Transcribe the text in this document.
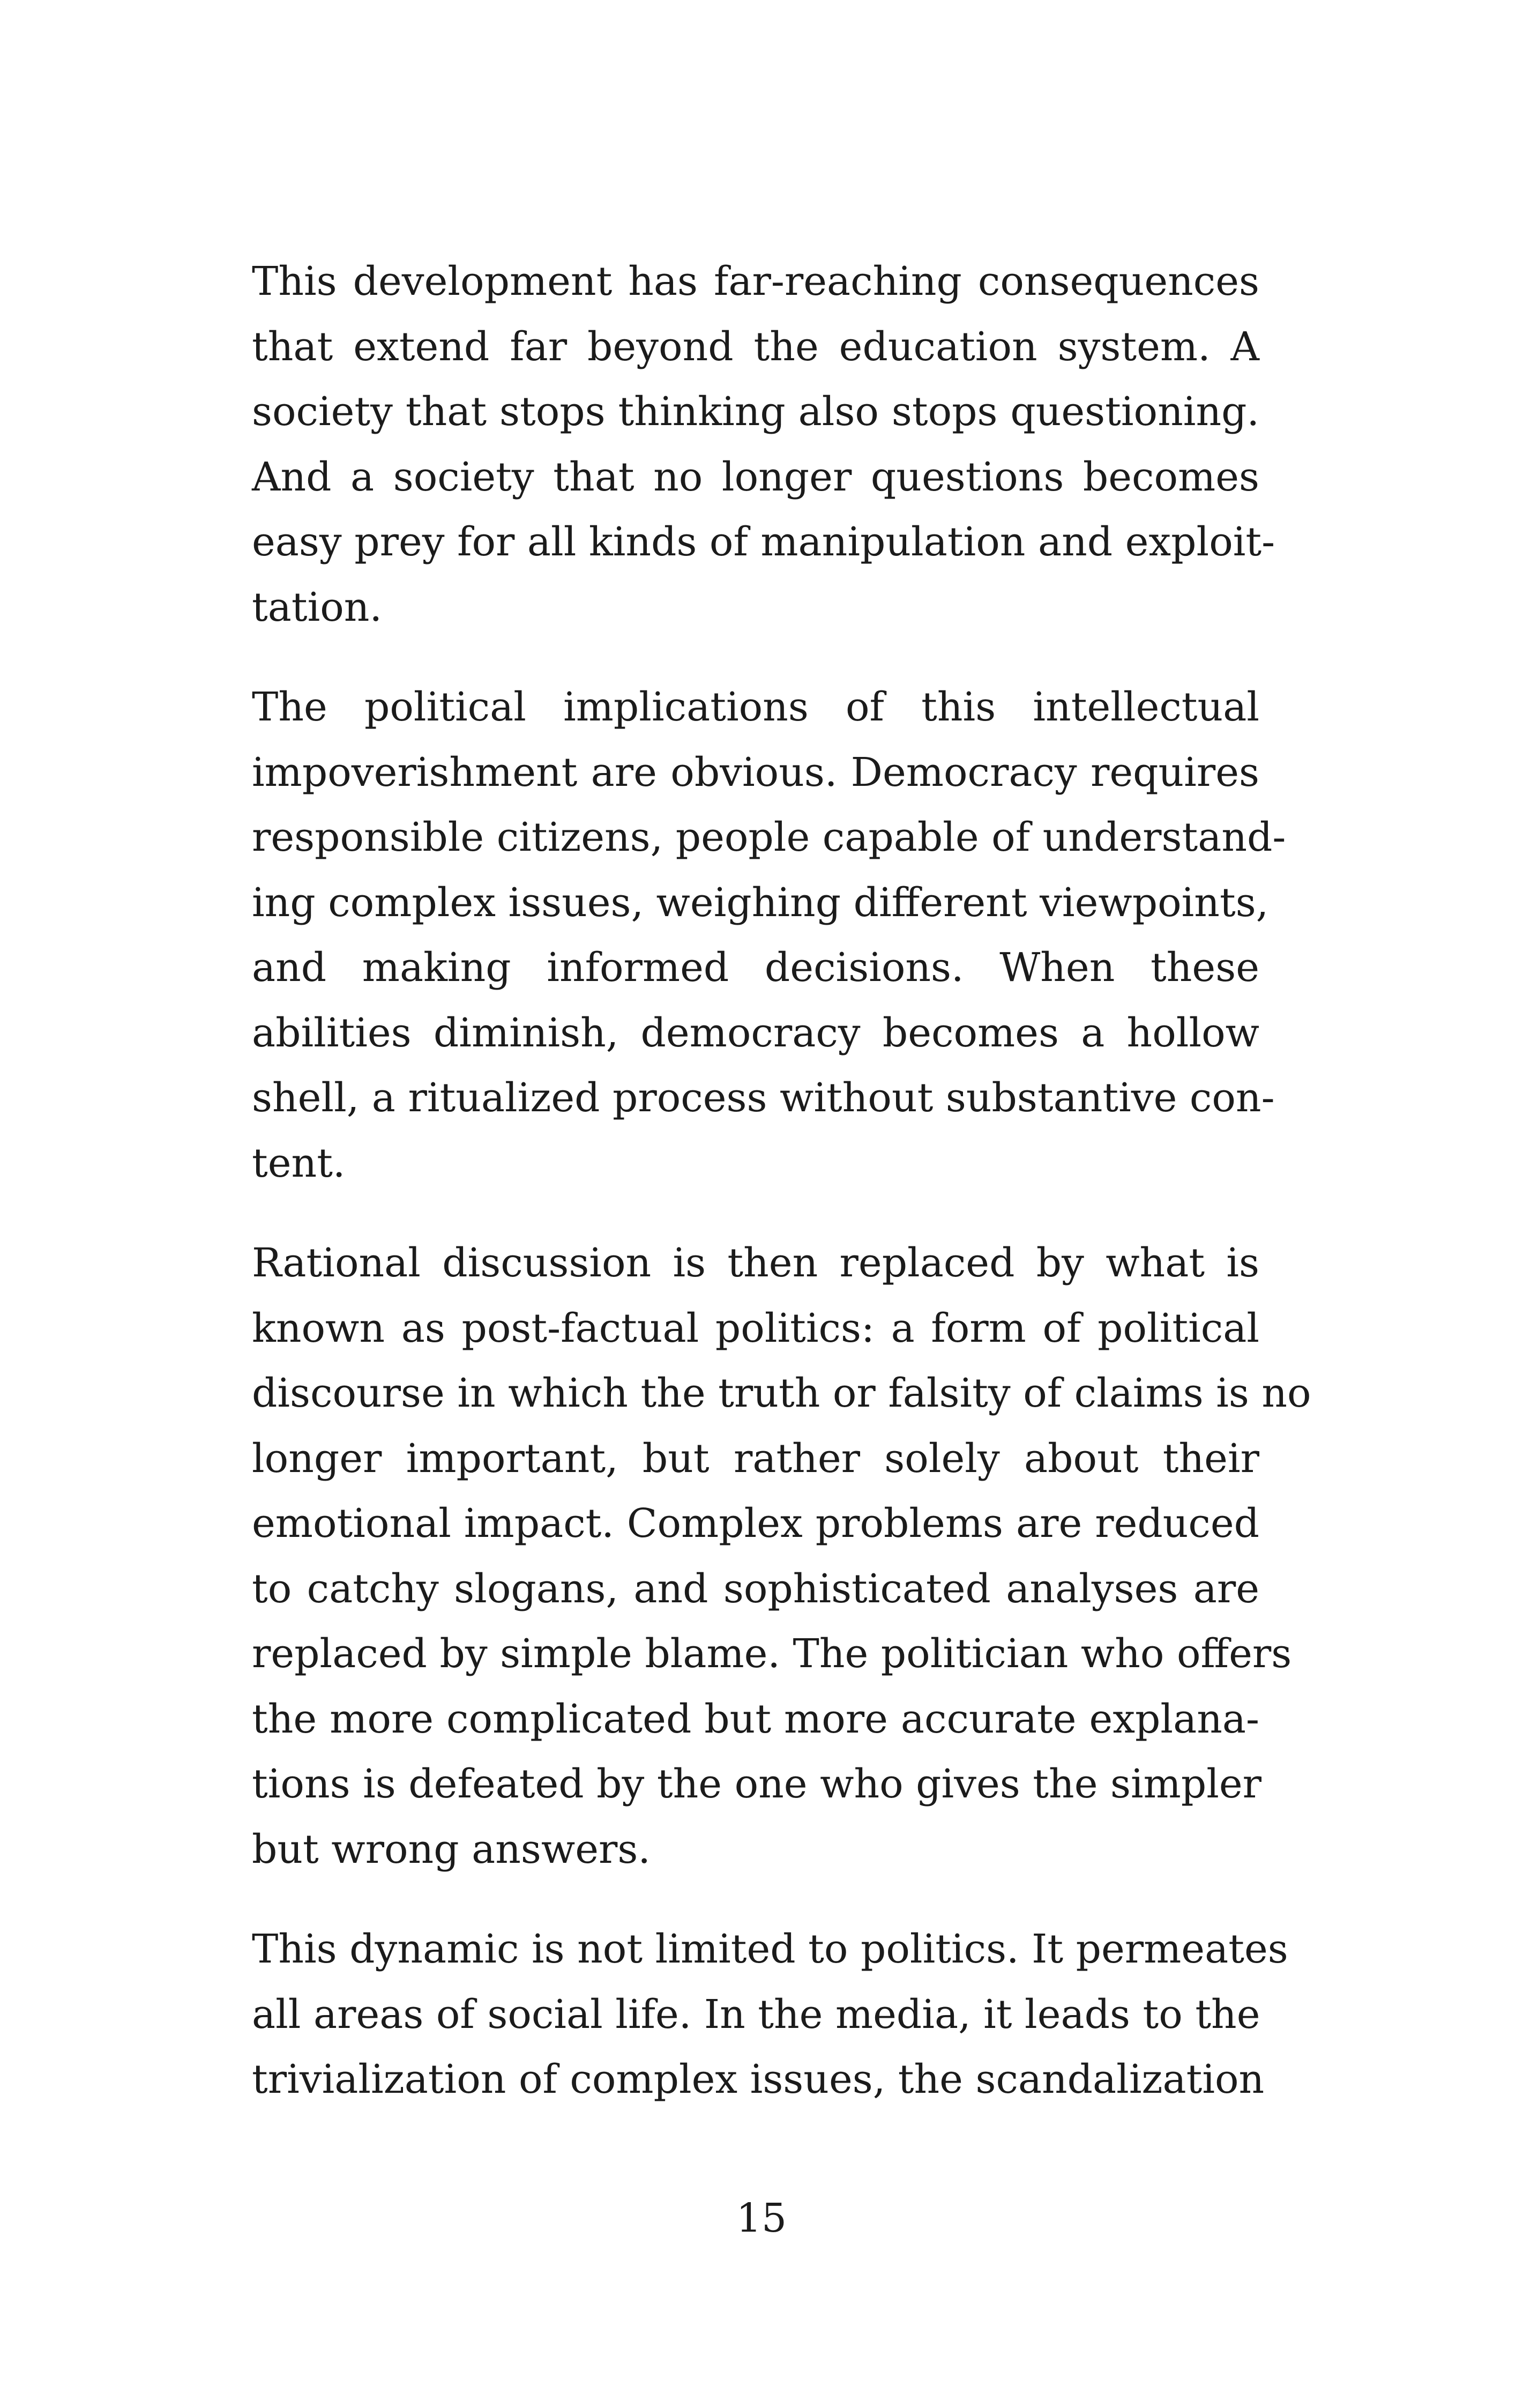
This development has far-reaching consequences
that extend far beyond the education system. A
society that stops thinking also stops questioning.
And a society that no longer questions becomes
easy prey for all kinds of manipulation and exploit-
tation.
The political implications of this intellectual
impoverishment are obvious. Democracy requires
responsible citizens, people capable of understand-
ing complex issues, weighing different viewpoints,
and making informed decisions. When these
abilities diminish, democracy becomes a hollow
shell, a ritualized process without substantive con-
tent.
Rational discussion is then replaced by what is
known as post-factual politics: a form of political
discourse in which the truth or falsity of claims is no
longer important, but rather solely about their
emotional impact. Complex problems are reduced
to catchy slogans, and sophisticated analyses are
replaced by simple blame. The politician who offers
the more complicated but more accurate explana-
tions is defeated by the one who gives the simpler
but wrong answers.
This dynamic is not limited to politics. It permeates
all areas of social life. In the media, it leads to the
trivialization of complex issues, the scandalization
15
